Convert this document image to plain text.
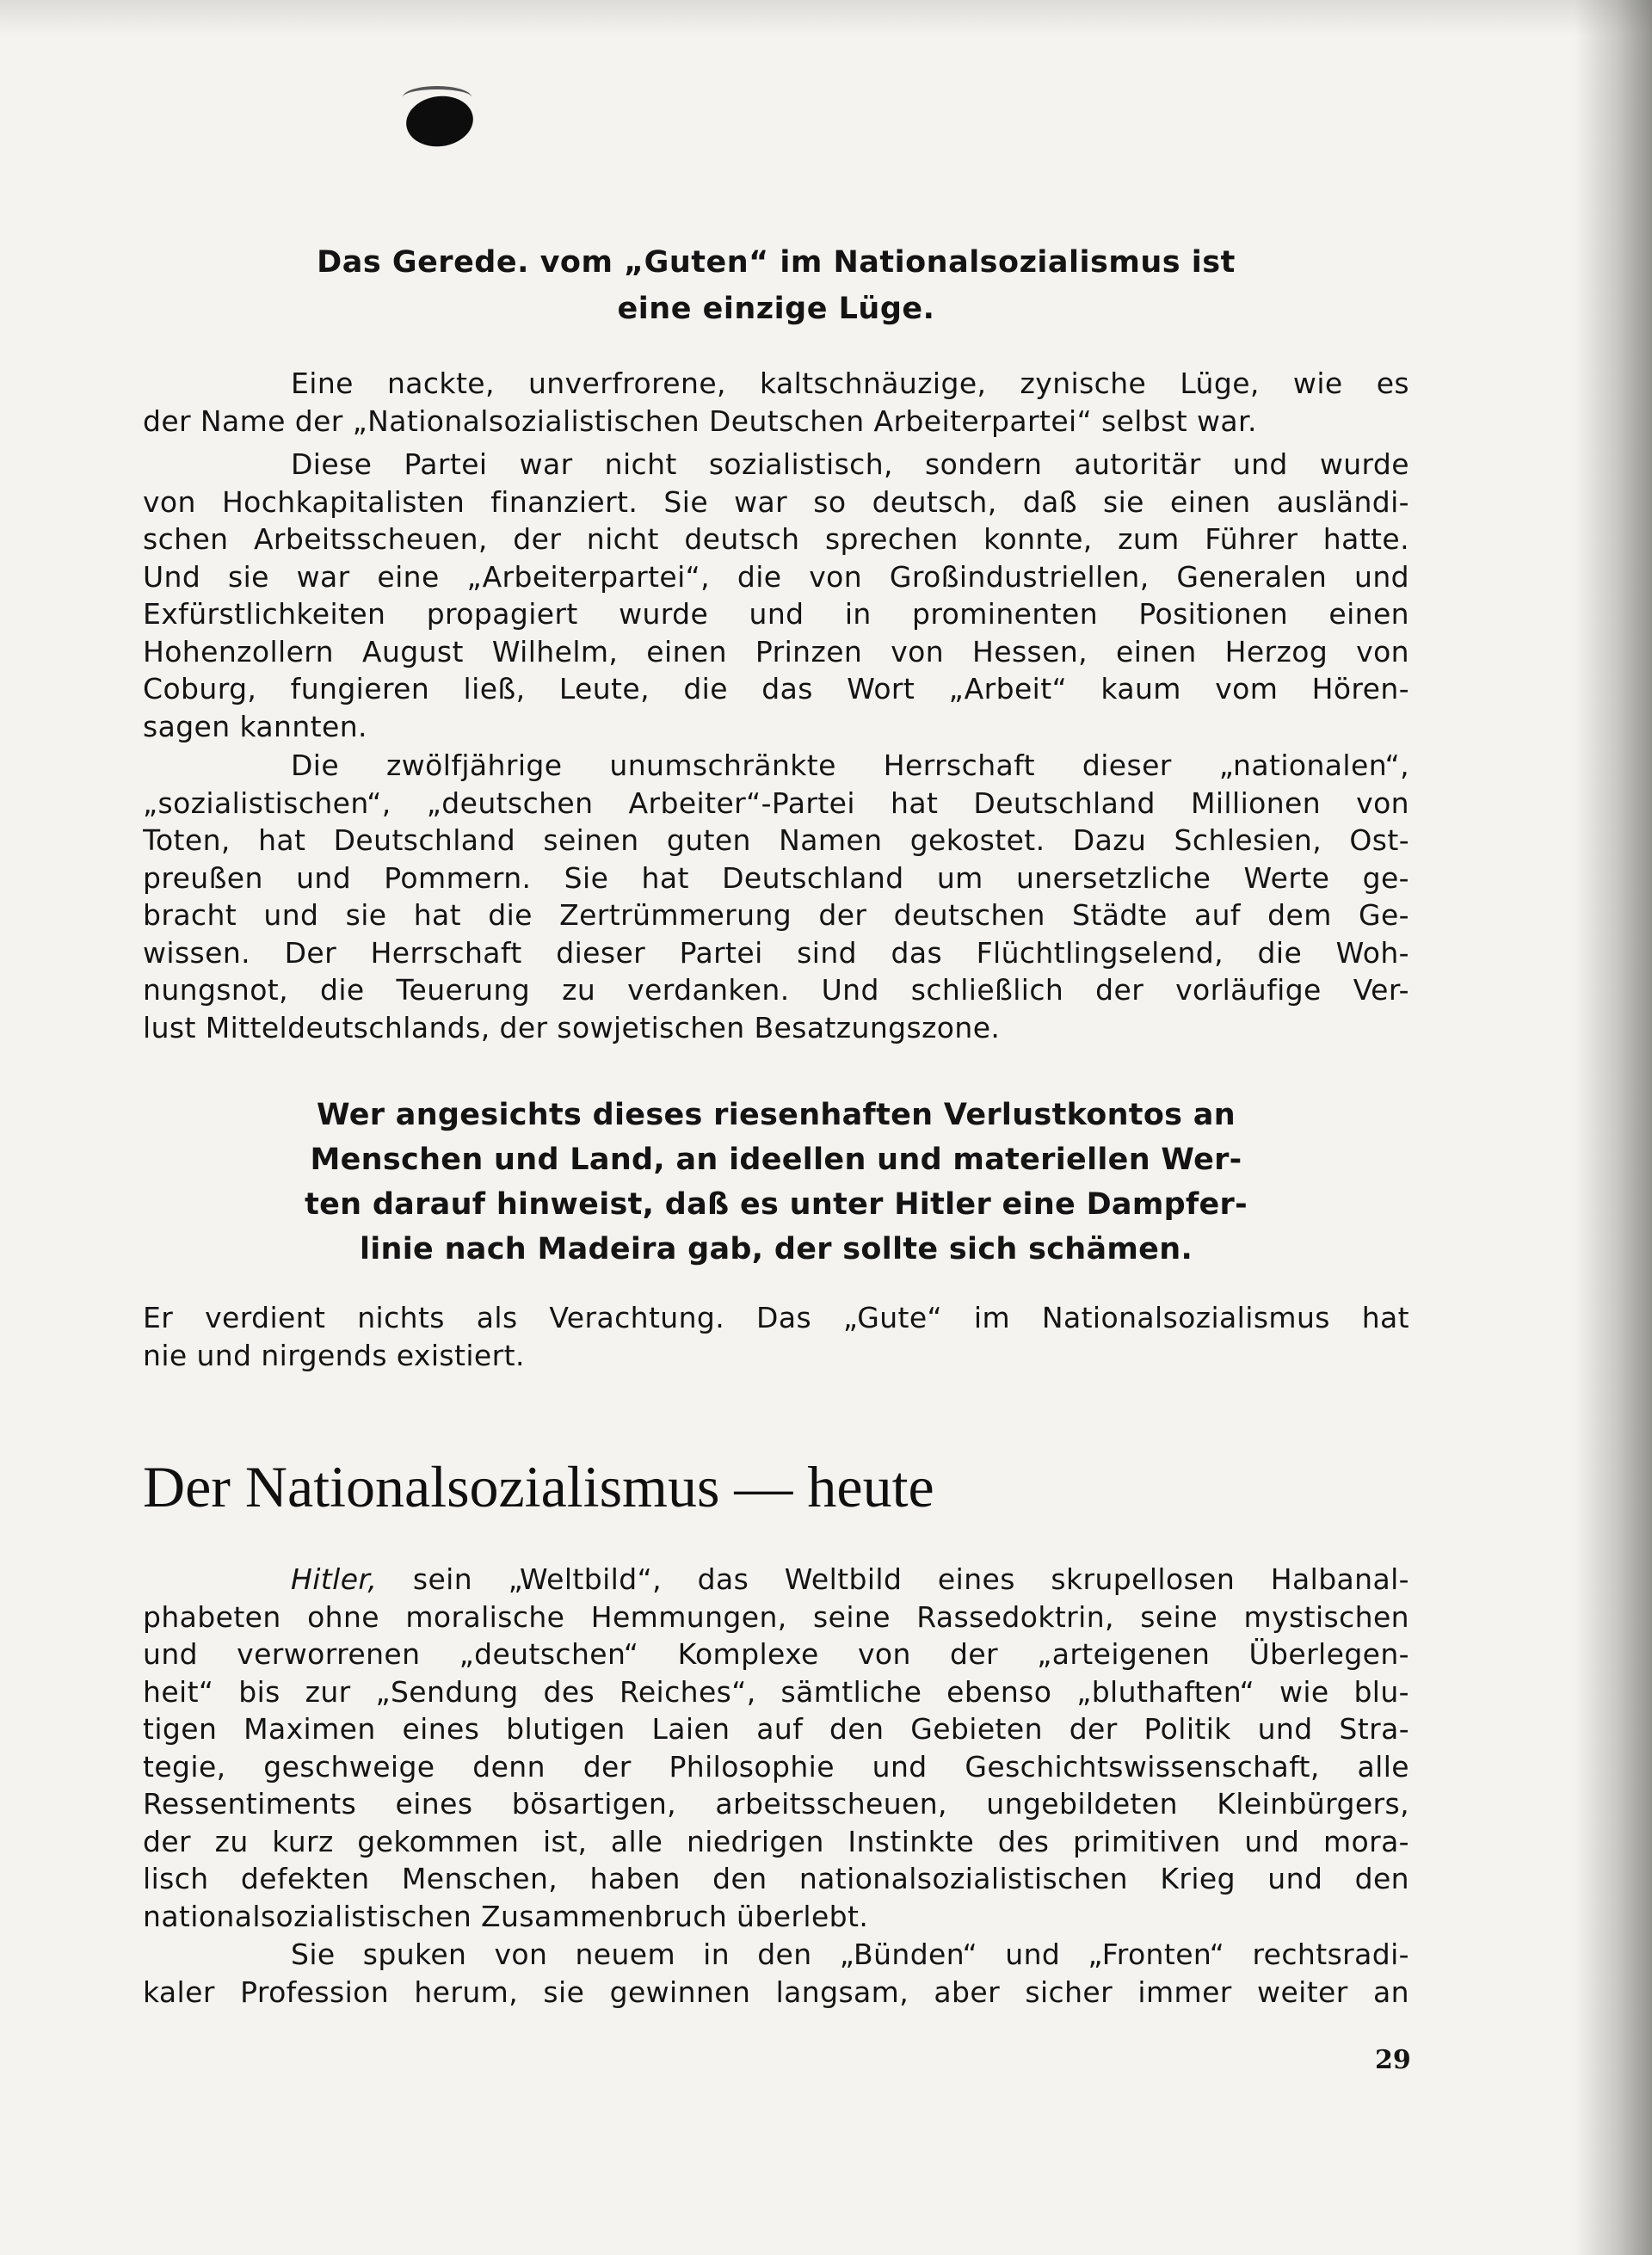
Das Gerede. vom „Guten“ im Nationalsozialismus ist
eine einzige Lüge.
Eine nackte, unverfrorene, kaltschnäuzige, zynische Lüge, wie es
der Name der „Nationalsozialistischen Deutschen Arbeiterpartei“ selbst war.
Diese Partei war nicht sozialistisch, sondern autoritär und wurde
von Hochkapitalisten finanziert. Sie war so deutsch, daß sie einen ausländi-
schen Arbeitsscheuen, der nicht deutsch sprechen konnte, zum Führer hatte.
Und sie war eine „Arbeiterpartei“, die von Großindustriellen, Generalen und
Exfürstlichkeiten propagiert wurde und in prominenten Positionen einen
Hohenzollern August Wilhelm, einen Prinzen von Hessen, einen Herzog von
Coburg, fungieren ließ, Leute, die das Wort „Arbeit“ kaum vom Hören-
sagen kannten.
Die zwölfjährige unumschränkte Herrschaft dieser „nationalen“,
„sozialistischen“, „deutschen Arbeiter“-Partei hat Deutschland Millionen von
Toten, hat Deutschland seinen guten Namen gekostet. Dazu Schlesien, Ost-
preußen und Pommern. Sie hat Deutschland um unersetzliche Werte ge-
bracht und sie hat die Zertrümmerung der deutschen Städte auf dem Ge-
wissen. Der Herrschaft dieser Partei sind das Flüchtlingselend, die Woh-
nungsnot, die Teuerung zu verdanken. Und schließlich der vorläufige Ver-
lust Mitteldeutschlands, der sowjetischen Besatzungszone.
Wer angesichts dieses riesenhaften Verlustkontos an
Menschen und Land, an ideellen und materiellen Wer-
ten darauf hinweist, daß es unter Hitler eine Dampfer-
linie nach Madeira gab, der sollte sich schämen.
Er verdient nichts als Verachtung. Das „Gute“ im Nationalsozialismus hat
nie und nirgends existiert.
Der Nationalsozialismus — heute
Hitler, sein „Weltbild“, das Weltbild eines skrupellosen Halbanal-
phabeten ohne moralische Hemmungen, seine Rassedoktrin, seine mystischen
und verworrenen „deutschen“ Komplexe von der „arteigenen Überlegen-
heit“ bis zur „Sendung des Reiches“, sämtliche ebenso „bluthaften“ wie blu-
tigen Maximen eines blutigen Laien auf den Gebieten der Politik und Stra-
tegie, geschweige denn der Philosophie und Geschichtswissenschaft, alle
Ressentiments eines bösartigen, arbeitsscheuen, ungebildeten Kleinbürgers,
der zu kurz gekommen ist, alle niedrigen Instinkte des primitiven und mora-
lisch defekten Menschen, haben den nationalsozialistischen Krieg und den
nationalsozialistischen Zusammenbruch überlebt.
Sie spuken von neuem in den „Bünden“ und „Fronten“ rechtsradi-
kaler Profession herum, sie gewinnen langsam, aber sicher immer weiter an
29
